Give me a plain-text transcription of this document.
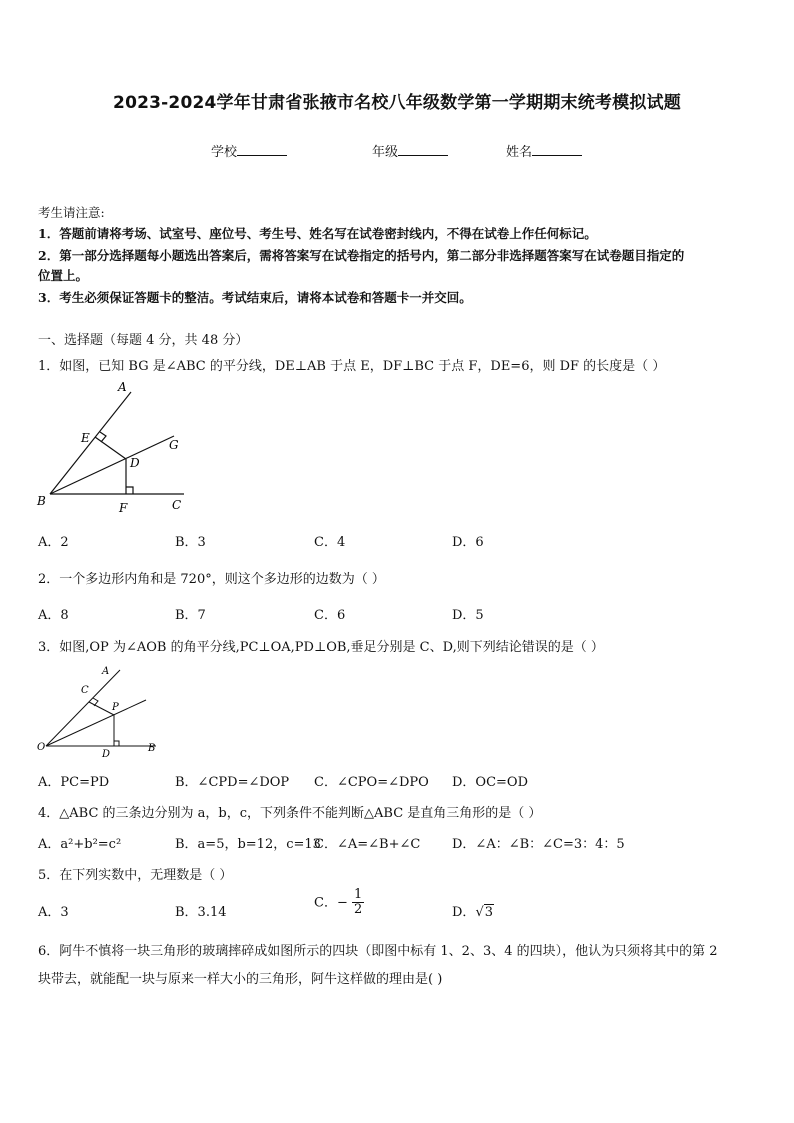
2023-2024学年甘肃省张掖市名校八年级数学第一学期期末统考模拟试题
学校	年级	姓名
考生请注意:
1．答题前请将考场、试室号、座位号、考生号、姓名写在试卷密封线内，不得在试卷上作任何标记。
2．第一部分选择题每小题选出答案后，需将答案写在试卷指定的括号内，第二部分非选择题答案写在试卷题目指定的
位置上。
3．考生必须保证答题卡的整洁。考试结束后，请将本试卷和答题卡一并交回。
一、选择题（每题 4 分，共 48 分）
1．如图，已知 BG 是∠ABC 的平分线，DE⊥AB 于点 E，DF⊥BC 于点 F，DE=6，则 DF 的长度是（ ）
A
E	G
D
B	F	C
A．2	B．3	C．4	D．6
2．一个多边形内角和是 720°，则这个多边形的边数为（ ）
A．8	B．7	C．6	D．5
3．如图,OP 为∠AOB 的角平分线,PC⊥OA,PD⊥OB,垂足分别是 C、D,则下列结论错误的是（ ）
A
C
P
O
D
B
A．PC=PD	B．∠CPD=∠DOP C．∠CPO=∠DPO D．OC=OD
4．△ABC 的三条边分别为 a，b，c，下列条件不能判断△ABC 是直角三角形的是（ ）
A．a²+b²=c²	B．a=5，b=12，c=13
C．∠A=∠B+∠C D．∠A：∠B：∠C=3：4：5
5．在下列实数中，无理数是（ ）
A．3	B．3.14
C．− $\frac{1}{2}$	D．√3
6．阿牛不慎将一块三角形的玻璃摔碎成如图所示的四块（即图中标有 1、2、3、4 的四块），他认为只须将其中的第 2
块带去，就能配一块与原来一样大小的三角形，阿牛这样做的理由是( )
